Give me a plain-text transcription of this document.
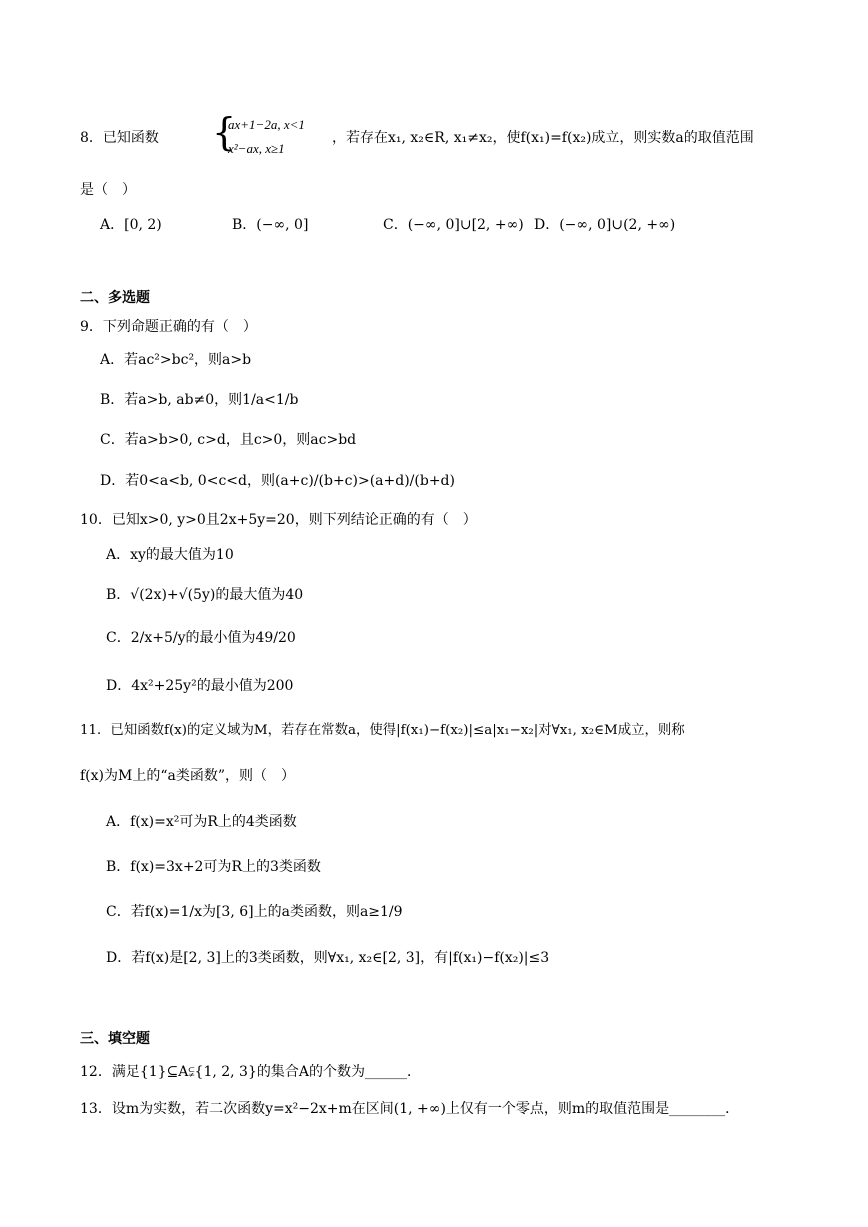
8．已知函数 {
ax+1−2a, x<1
x²−ax, x≥1
，若存在x₁, x₂∈R, x₁≠x₂，使f(x₁)=f(x₂)成立，则实数a的取值范围
是（　）
A．[0, 2)	B．(−∞, 0]	C．(−∞, 0]∪[2, +∞) D．(−∞, 0]∪(2, +∞)
二、多选题
9．下列命题正确的有（　）
A．若ac²>bc²，则a>b
B．若a>b, ab≠0，则1/a<1/b
C．若a>b>0, c>d，且c>0，则ac>bd
D．若0<a<b, 0<c<d，则(a+c)/(b+c)>(a+d)/(b+d)
10．已知x>0, y>0且2x+5y=20，则下列结论正确的有（　）
A．xy的最大值为10
B．√(2x)+√(5y)的最大值为40
C．2/x+5/y的最小值为49/20
D．4x²+25y²的最小值为200
11．已知函数f(x)的定义域为M，若存在常数a，使得|f(x₁)−f(x₂)|≤a|x₁−x₂|对∀x₁, x₂∈M成立，则称
f(x)为M上的“a类函数”，则（　）
A．f(x)=x²可为R上的4类函数
B．f(x)=3x+2可为R上的3类函数
C．若f(x)=1/x为[3, 6]上的a类函数，则a≥1/9
D．若f(x)是[2, 3]上的3类函数，则∀x₁, x₂∈[2, 3]，有|f(x₁)−f(x₂)|≤3
三、填空题
12．满足{1}⊆A⫋{1, 2, 3}的集合A的个数为______．
13．设m为实数，若二次函数y=x²−2x+m在区间(1, +∞)上仅有一个零点，则m的取值范围是________．
